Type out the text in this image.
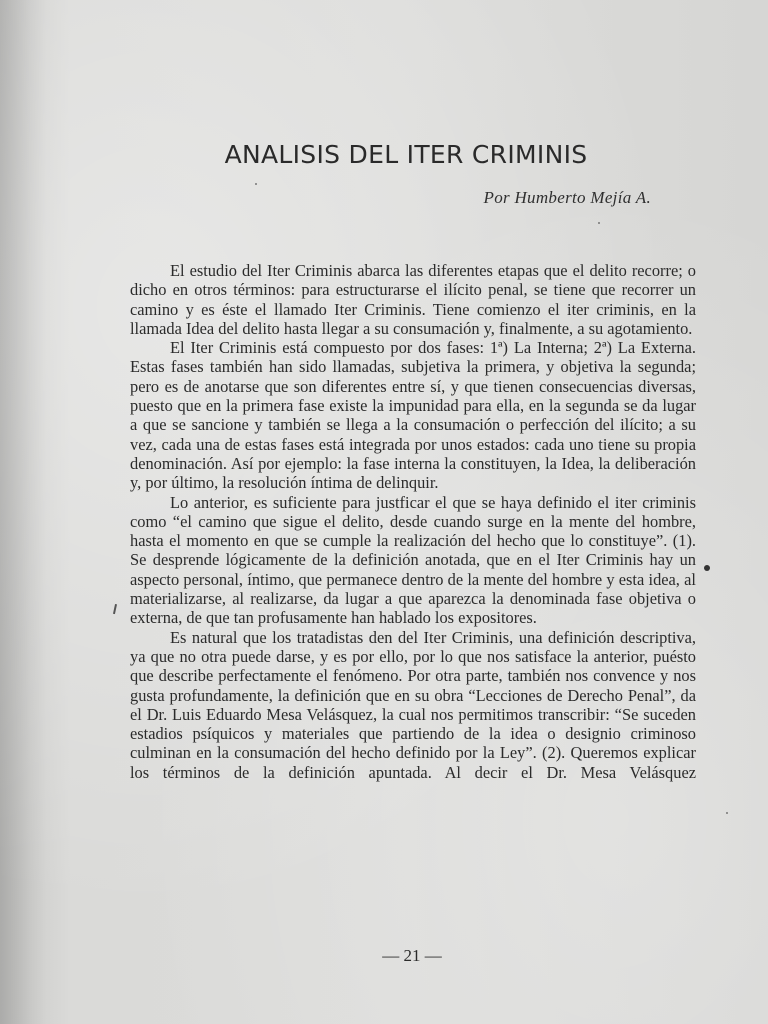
ANALISIS DEL ITER CRIMINIS

Por Humberto Mejía A.

El estudio del Iter Criminis abarca las diferentes etapas que el delito recorre; o dicho en otros términos: para estructurarse el ilícito penal, se tiene que recorrer un camino y es éste el llamado Iter Criminis. Tiene comienzo el iter criminis, en la llamada Idea del delito hasta llegar a su consumación y, finalmente, a su agotamiento.

El Iter Criminis está compuesto por dos fases: 1ª) La Interna; 2ª) La Externa. Estas fases también han sido llamadas, subjetiva la primera, y objetiva la segunda; pero es de anotarse que son diferentes entre sí, y que tienen consecuencias diversas, puesto que en la primera fase existe la impunidad para ella, en la segunda se da lugar a que se sancione y también se llega a la consumación o perfección del ilícito; a su vez, cada una de estas fases está integrada por unos estados: cada uno tiene su propia denominación. Así por ejemplo: la fase interna la constituyen, la Idea, la deliberación y, por último, la resolución íntima de delinquir.

Lo anterior, es suficiente para justficar el que se haya definido el iter criminis como “el camino que sigue el delito, desde cuando surge en la mente del hombre, hasta el momento en que se cumple la realización del hecho que lo constituye”. (1). Se desprende lógicamente de la definición anotada, que en el Iter Criminis hay un aspecto personal, íntimo, que permanece dentro de la mente del hombre y esta idea, al materializarse, al realizarse, da lugar a que aparezca la denominada fase objetiva o externa, de que tan profusamente han hablado los expositores.

Es natural que los tratadistas den del Iter Criminis, una definición descriptiva, ya que no otra puede darse, y es por ello, por lo que nos satisface la anterior, puésto que describe perfectamente el fenómeno. Por otra parte, también nos convence y nos gusta profundamente, la definición que en su obra “Lecciones de Derecho Penal”, da el Dr. Luis Eduardo Mesa Velásquez, la cual nos permitimos transcribir: “Se suceden estadios psíquicos y materiales que partiendo de la idea o designio criminoso culminan en la consumación del hecho definido por la Ley”. (2). Queremos explicar los términos de la definición apuntada. Al decir el Dr. Mesa Velásquez

— 21 —
